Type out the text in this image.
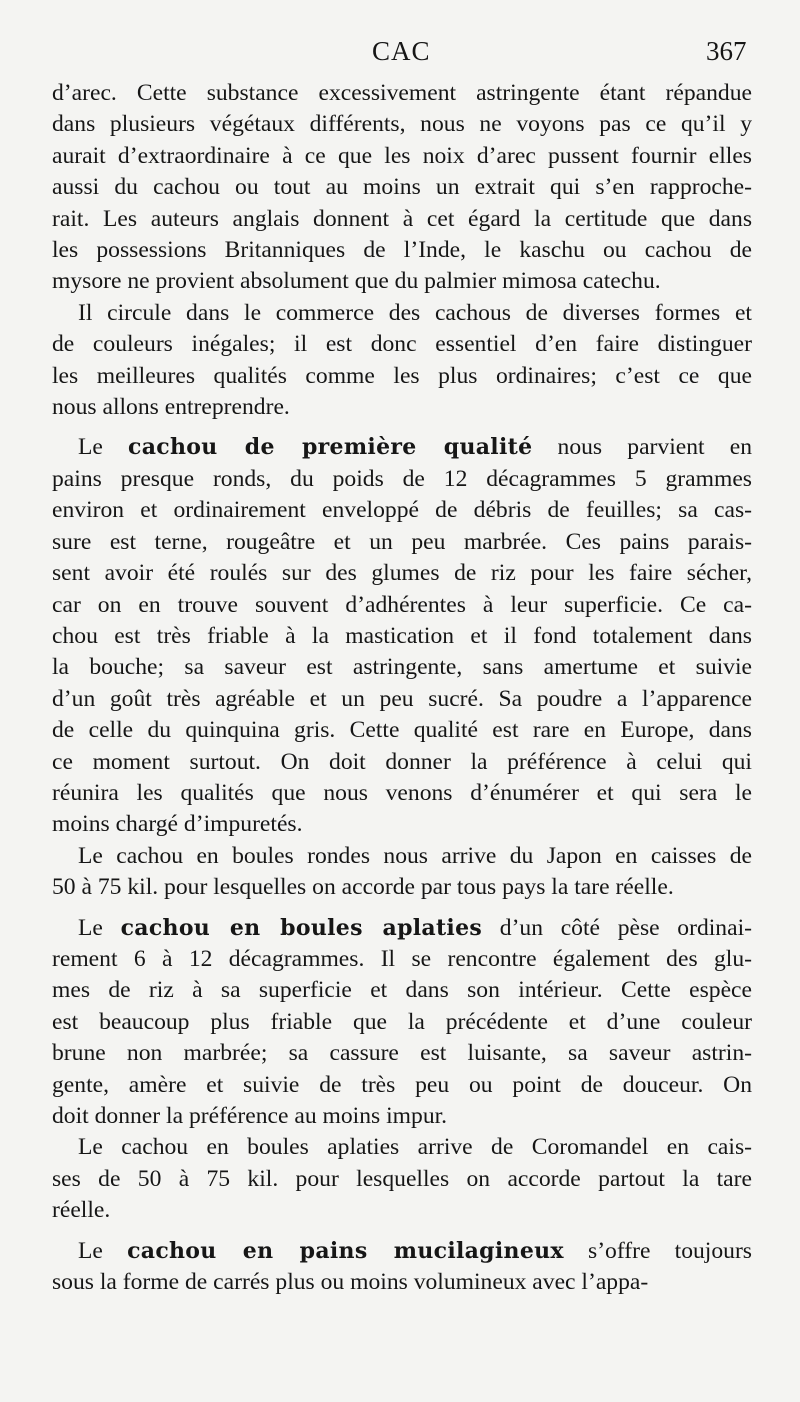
CAC	367

d’arec. Cette substance excessivement astringente étant répandue
dans plusieurs végétaux différents, nous ne voyons pas ce qu’il y
aurait d’extraordinaire à ce que les noix d’arec pussent fournir elles
aussi du cachou ou tout au moins un extrait qui s’en rapproche-
rait. Les auteurs anglais donnent à cet égard la certitude que dans
les possessions Britanniques de l’Inde, le kaschu ou cachou de
mysore ne provient absolument que du palmier mimosa catechu.

Il circule dans le commerce des cachous de diverses formes et
de couleurs inégales; il est donc essentiel d’en faire distinguer
les meilleures qualités comme les plus ordinaires; c’est ce que
nous allons entreprendre.

Le cachou de première qualité nous parvient en
pains presque ronds, du poids de 12 décagrammes 5 grammes
environ et ordinairement enveloppé de débris de feuilles; sa cas-
sure est terne, rougeâtre et un peu marbrée. Ces pains parais-
sent avoir été roulés sur des glumes de riz pour les faire sécher,
car on en trouve souvent d’adhérentes à leur superficie. Ce ca-
chou est très friable à la mastication et il fond totalement dans
la bouche; sa saveur est astringente, sans amertume et suivie
d’un goût très agréable et un peu sucré. Sa poudre a l’apparence
de celle du quinquina gris. Cette qualité est rare en Europe, dans
ce moment surtout. On doit donner la préférence à celui qui
réunira les qualités que nous venons d’énumérer et qui sera le
moins chargé d’impuretés.

Le cachou en boules rondes nous arrive du Japon en caisses de
50 à 75 kil. pour lesquelles on accorde par tous pays la tare réelle.

Le cachou en boules aplaties d’un côté pèse ordinai-
rement 6 à 12 décagrammes. Il se rencontre également des glu-
mes de riz à sa superficie et dans son intérieur. Cette espèce
est beaucoup plus friable que la précédente et d’une couleur
brune non marbrée; sa cassure est luisante, sa saveur astrin-
gente, amère et suivie de très peu ou point de douceur. On
doit donner la préférence au moins impur.

Le cachou en boules aplaties arrive de Coromandel en cais-
ses de 50 à 75 kil. pour lesquelles on accorde partout la tare
réelle.

Le cachou en pains mucilagineux s’offre toujours
sous la forme de carrés plus ou moins volumineux avec l’appa-
